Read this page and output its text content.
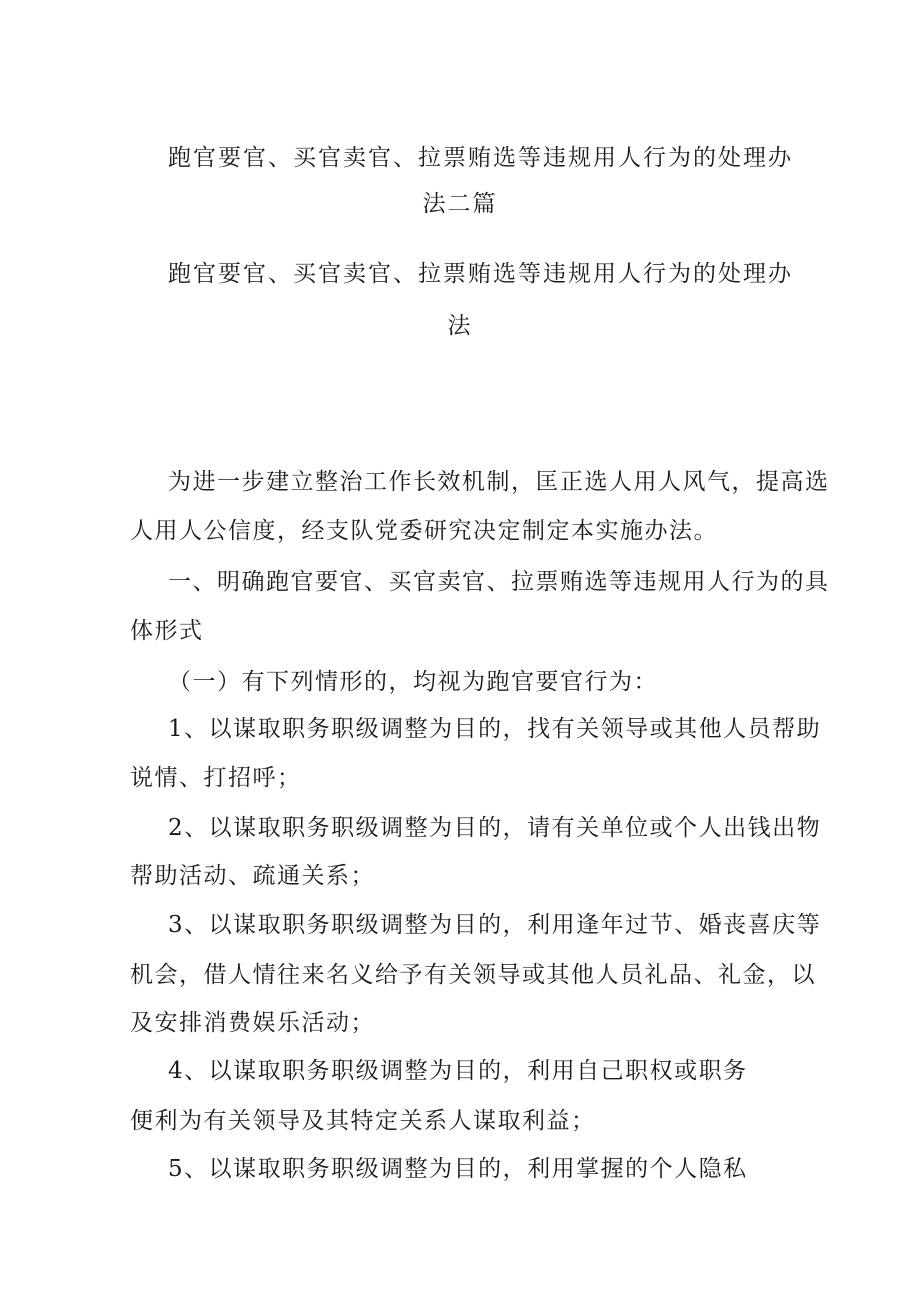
跑官要官、买官卖官、拉票贿选等违规用人行为的处理办
法二篇
跑官要官、买官卖官、拉票贿选等违规用人行为的处理办
法
为进一步建立整治工作长效机制，匡正选人用人风气，提高选
人用人公信度，经支队党委研究决定制定本实施办法。
一、明确跑官要官、买官卖官、拉票贿选等违规用人行为的具
体形式
（一）有下列情形的，均视为跑官要官行为：
1、以谋取职务职级调整为目的，找有关领导或其他人员帮助
说情、打招呼；
2、以谋取职务职级调整为目的，请有关单位或个人出钱出物
帮助活动、疏通关系；
3、以谋取职务职级调整为目的，利用逢年过节、婚丧喜庆等
机会，借人情往来名义给予有关领导或其他人员礼品、礼金，以
及安排消费娱乐活动；
4、以谋取职务职级调整为目的，利用自己职权或职务
便利为有关领导及其特定关系人谋取利益；
5、以谋取职务职级调整为目的，利用掌握的个人隐私
